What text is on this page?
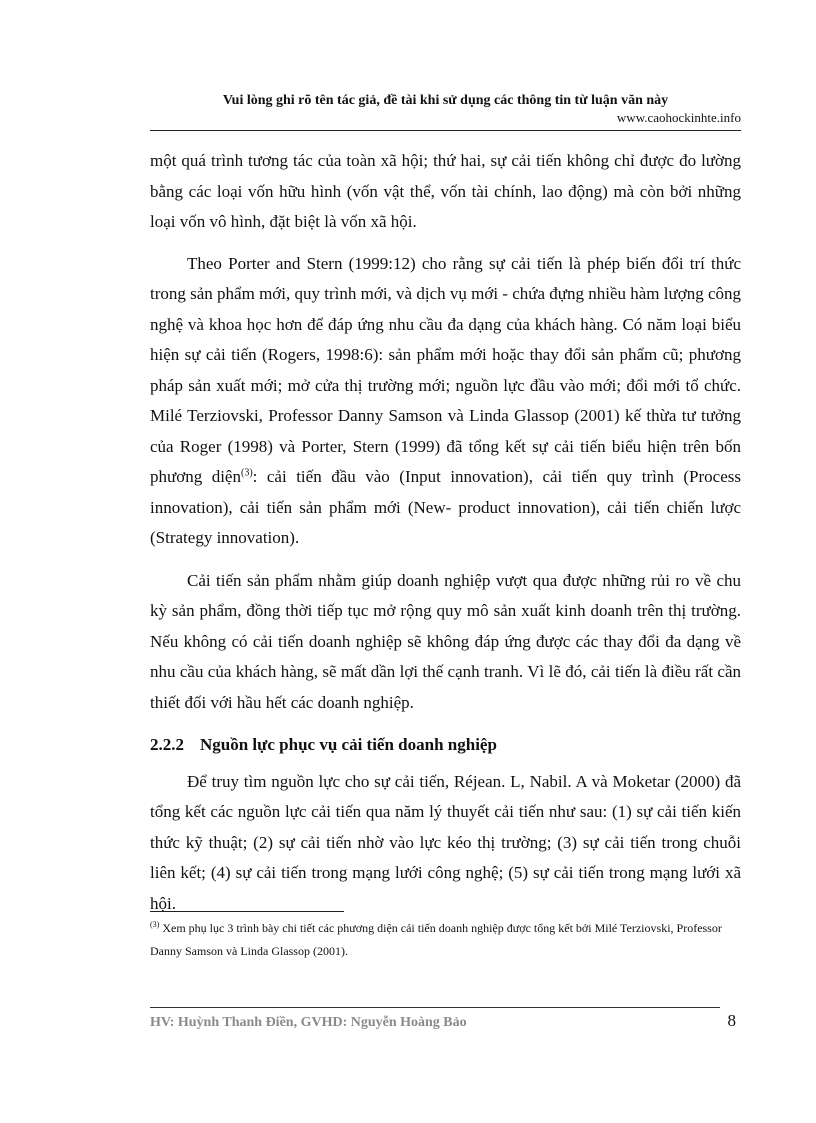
Vui lòng ghi rõ tên tác giả, đề tài khi sử dụng các thông tin từ luận văn này
www.caohockinhte.info

một quá trình tương tác của toàn xã hội; thứ hai, sự cải tiến không chỉ được đo lường bằng các loại vốn hữu hình (vốn vật thể, vốn tài chính, lao động) mà còn bởi những loại vốn vô hình, đặt biệt là vốn xã hội.

Theo Porter and Stern (1999:12) cho rằng sự cải tiến là phép biến đổi trí thức trong sản phẩm mới, quy trình mới, và dịch vụ mới - chứa đựng nhiều hàm lượng công nghệ và khoa học hơn để đáp ứng nhu cầu đa dạng của khách hàng. Có năm loại biểu hiện sự cải tiến (Rogers, 1998:6): sản phẩm mới hoặc thay đổi sản phẩm cũ; phương pháp sản xuất mới; mở cửa thị trường mới; nguồn lực đầu vào mới; đổi mới tổ chức. Milé Terziovski, Professor Danny Samson và Linda Glassop (2001) kế thừa tư tưởng của Roger (1998) và Porter, Stern (1999) đã tổng kết sự cải tiến biểu hiện trên bốn phương diện$^{(3)}$: cải tiến đầu vào (Input innovation), cải tiến quy trình (Process innovation), cải tiến sản phẩm mới (New- product innovation), cải tiến chiến lược (Strategy innovation).

Cải tiến sản phẩm nhằm giúp doanh nghiệp vượt qua được những rủi ro về chu kỳ sản phẩm, đồng thời tiếp tục mở rộng quy mô sản xuất kinh doanh trên thị trường. Nếu không có cải tiến doanh nghiệp sẽ không đáp ứng được các thay đổi đa dạng về nhu cầu của khách hàng, sẽ mất dần lợi thế cạnh tranh. Vì lẽ đó, cải tiến là điều rất cần thiết đối với hầu hết các doanh nghiệp.

2.2.2 Nguồn lực phục vụ cải tiến doanh nghiệp

Để truy tìm nguồn lực cho sự cải tiến, Réjean. L, Nabil. A và Moketar (2000) đã tổng kết các nguồn lực cải tiến qua năm lý thuyết cải tiến như sau: (1) sự cải tiến kiến thức kỹ thuật; (2) sự cải tiến nhờ vào lực kéo thị trường; (3) sự cải tiến trong chuỗi liên kết; (4) sự cải tiến trong mạng lưới công nghệ; (5) sự cải tiến trong mạng lưới xã hội.

$^{(3)}$ Xem phụ lục 3 trình bày chi tiết các phương diện cải tiến doanh nghiệp được tổng kết bởi Milé Terziovski, Professor Danny Samson và Linda Glassop (2001).
HV: Huỳnh Thanh Điền, GVHD: Nguyễn Hoàng Bảo	8
